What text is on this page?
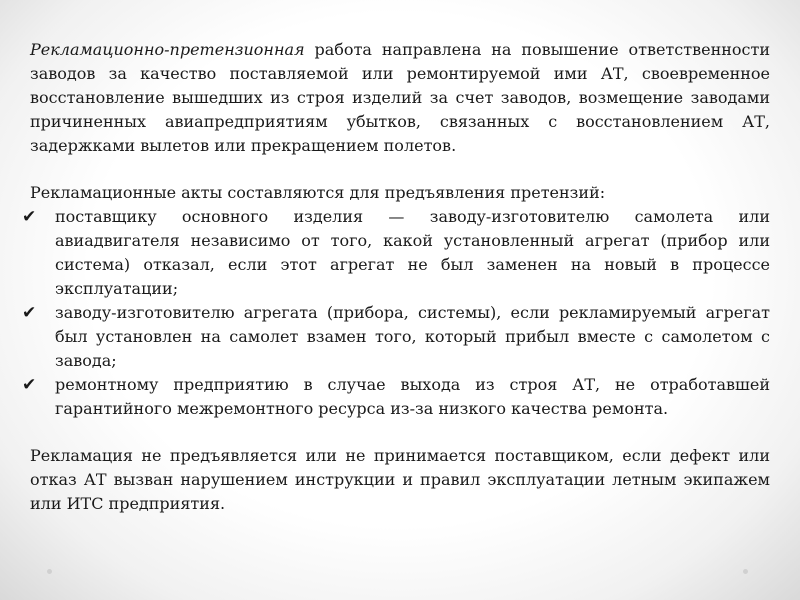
Рекламационно-претензионная работа направлена на повышение ответственности заводов за качество поставляемой или ремонтируемой ими АТ, своевременное восстановление вышедших из строя изделий за счет заводов, возмещение заводами причиненных авиапредприятиям убытков, связанных с восстановлением АТ, задержками вылетов или прекращением полетов.

Рекламационные акты составляются для предъявления претензий:

✔ поставщику основного изделия — заводу-изготовителю самолета или авиадвигателя независимо от того, какой установленный агрегат (прибор или система) отказал, если этот агрегат не был заменен на новый в процессе эксплуатации;
✔ заводу-изготовителю агрегата (прибора, системы), если рекламируемый агрегат был установлен на самолет взамен того, который прибыл вместе с самолетом с завода;
✔ ремонтному предприятию в случае выхода из строя АТ, не отработавшей гарантийного межремонтного ресурса из-за низкого качества ремонта.

Рекламация не предъявляется или не принимается поставщиком, если дефект или отказ АТ вызван нарушением инструкции и правил эксплуатации летным экипажем или ИТС предприятия.
